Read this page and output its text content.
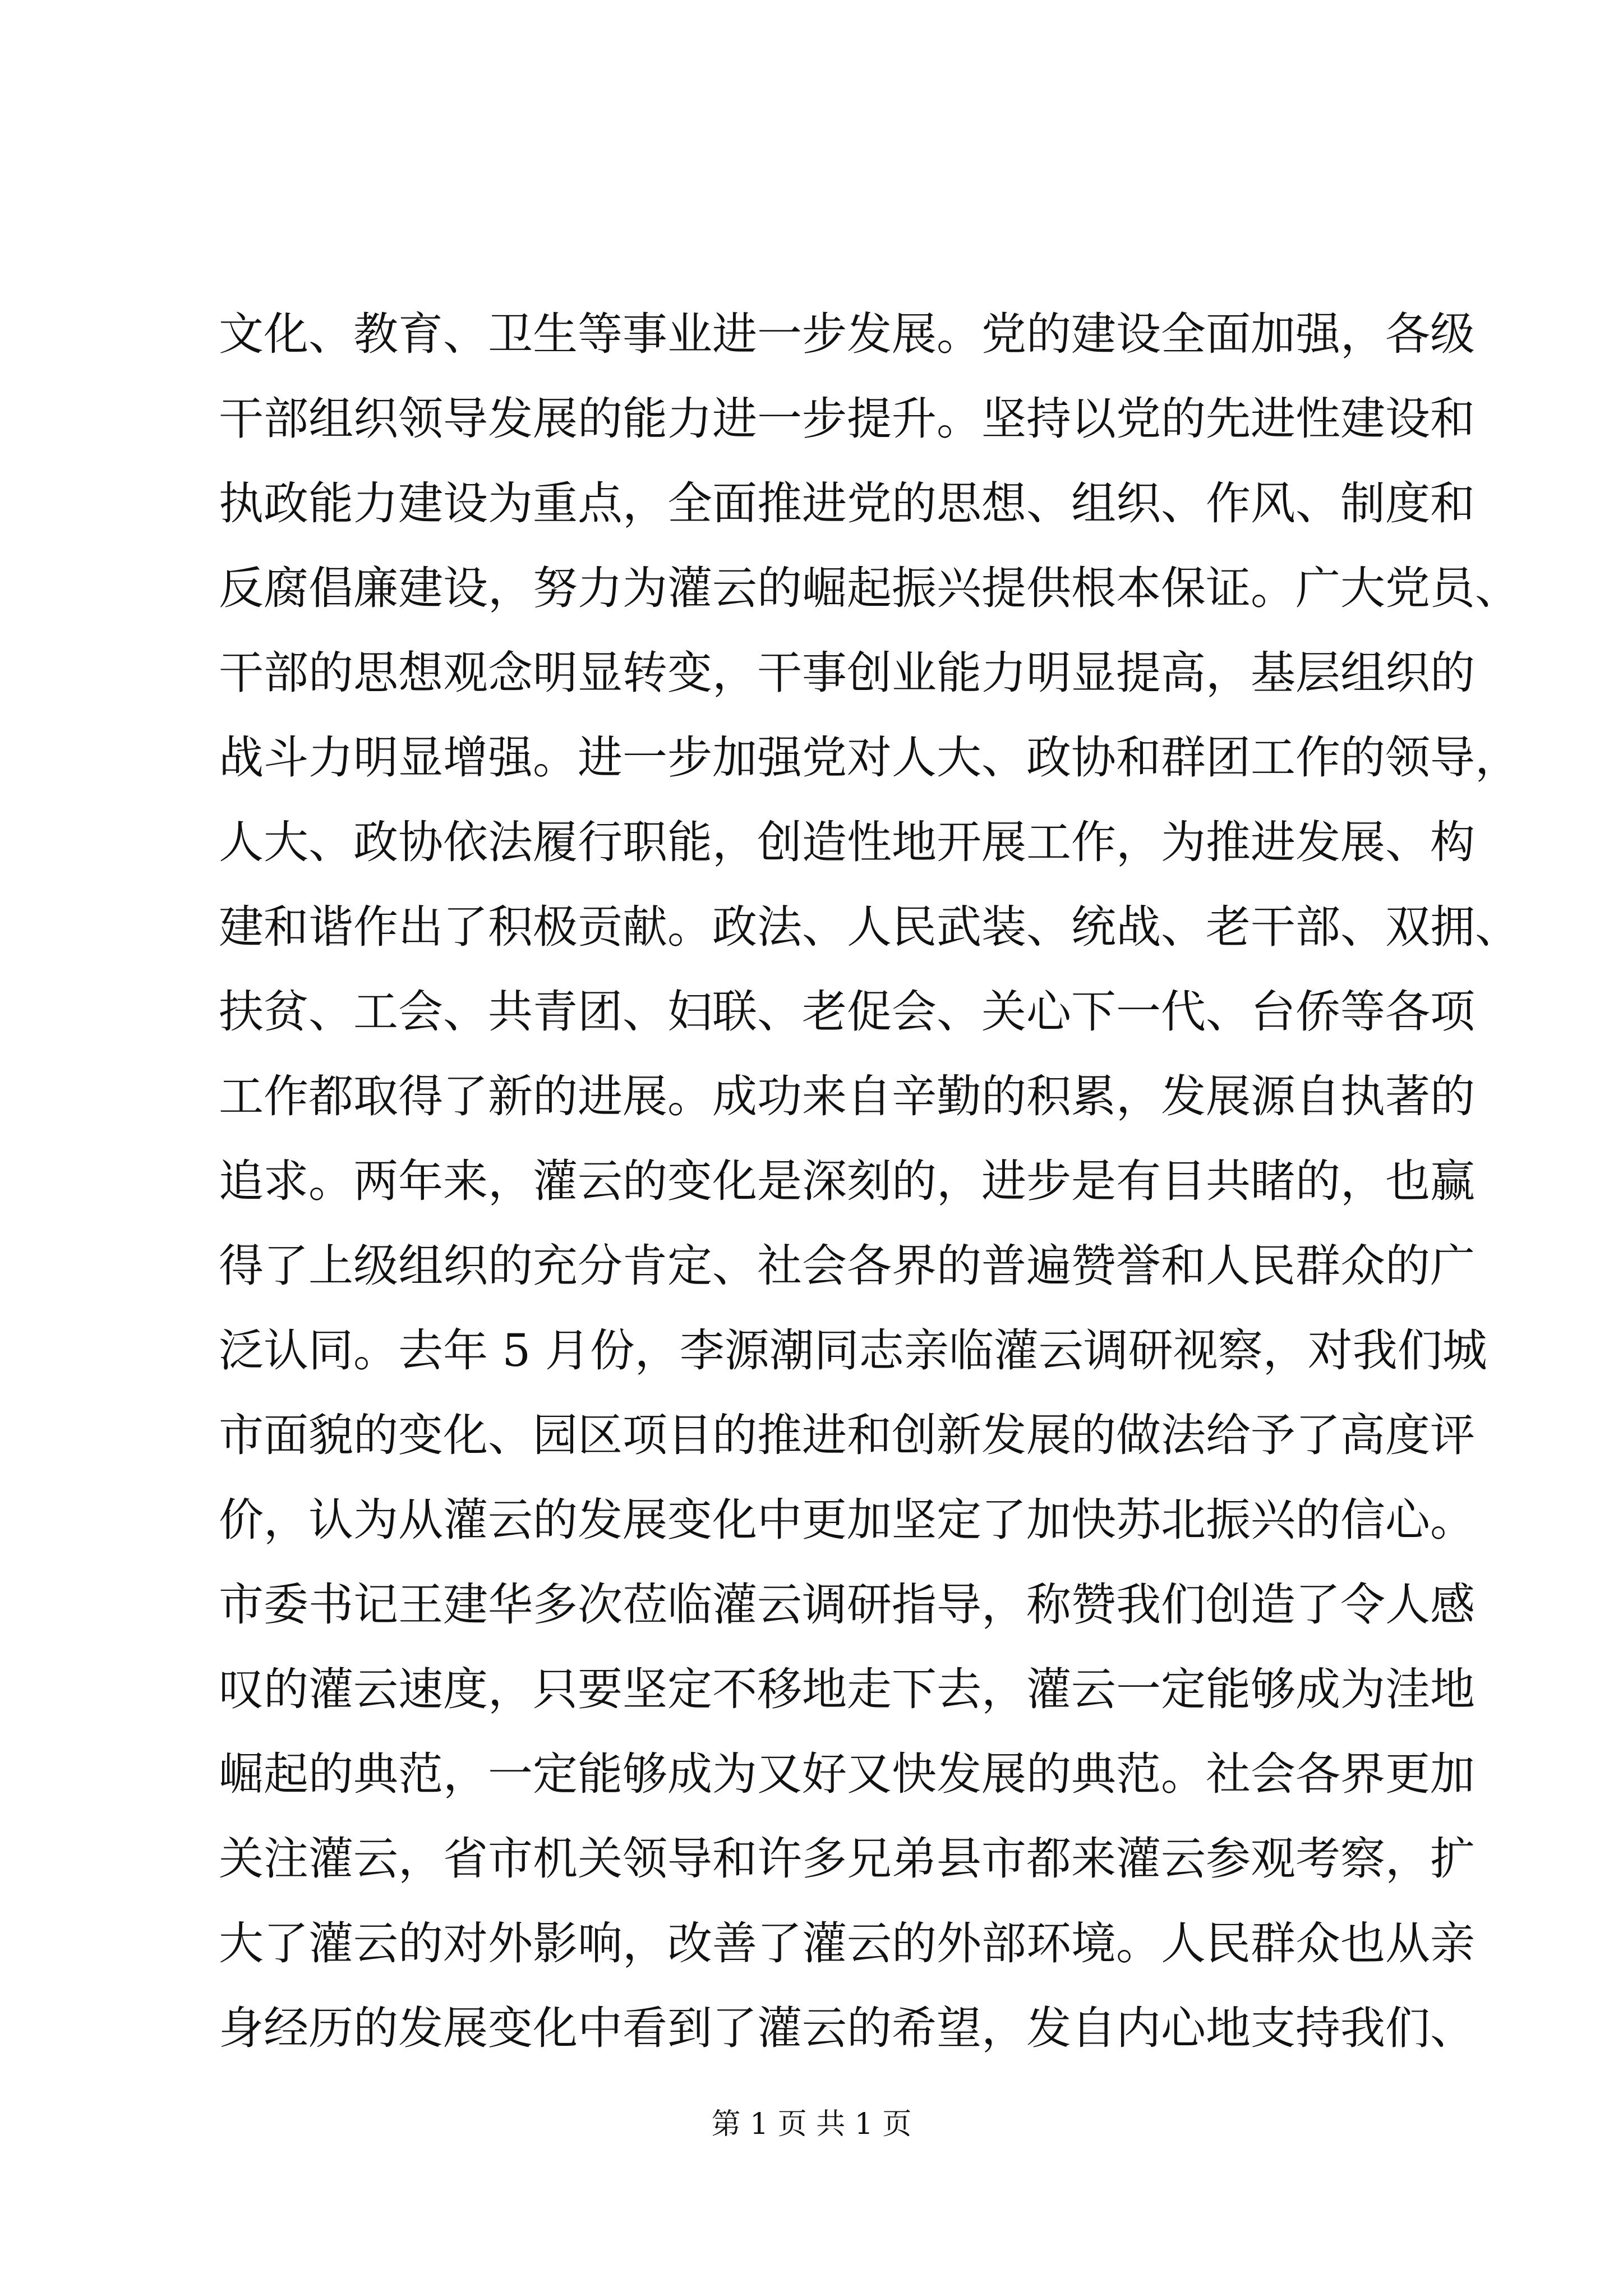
文化、教育、卫生等事业进一步发展。党的建设全面加强，各级
干部组织领导发展的能力进一步提升。坚持以党的先进性建设和
执政能力建设为重点，全面推进党的思想、组织、作风、制度和
反腐倡廉建设，努力为灌云的崛起振兴提供根本保证。广大党员、
干部的思想观念明显转变，干事创业能力明显提高，基层组织的
战斗力明显增强。进一步加强党对人大、政协和群团工作的领导，
人大、政协依法履行职能，创造性地开展工作，为推进发展、构
建和谐作出了积极贡献。政法、人民武装、统战、老干部、双拥、
扶贫、工会、共青团、妇联、老促会、关心下一代、台侨等各项
工作都取得了新的进展。成功来自辛勤的积累，发展源自执著的
追求。两年来，灌云的变化是深刻的，进步是有目共睹的，也赢
得了上级组织的充分肯定、社会各界的普遍赞誉和人民群众的广
泛认同。去年 5 月份，李源潮同志亲临灌云调研视察，对我们城
市面貌的变化、园区项目的推进和创新发展的做法给予了高度评
价，认为从灌云的发展变化中更加坚定了加快苏北振兴的信心。
市委书记王建华多次莅临灌云调研指导，称赞我们创造了令人感
叹的灌云速度，只要坚定不移地走下去，灌云一定能够成为洼地
崛起的典范，一定能够成为又好又快发展的典范。社会各界更加
关注灌云，省市机关领导和许多兄弟县市都来灌云参观考察，扩
大了灌云的对外影响，改善了灌云的外部环境。人民群众也从亲
身经历的发展变化中看到了灌云的希望，发自内心地支持我们、
第 1 页 共 1 页
